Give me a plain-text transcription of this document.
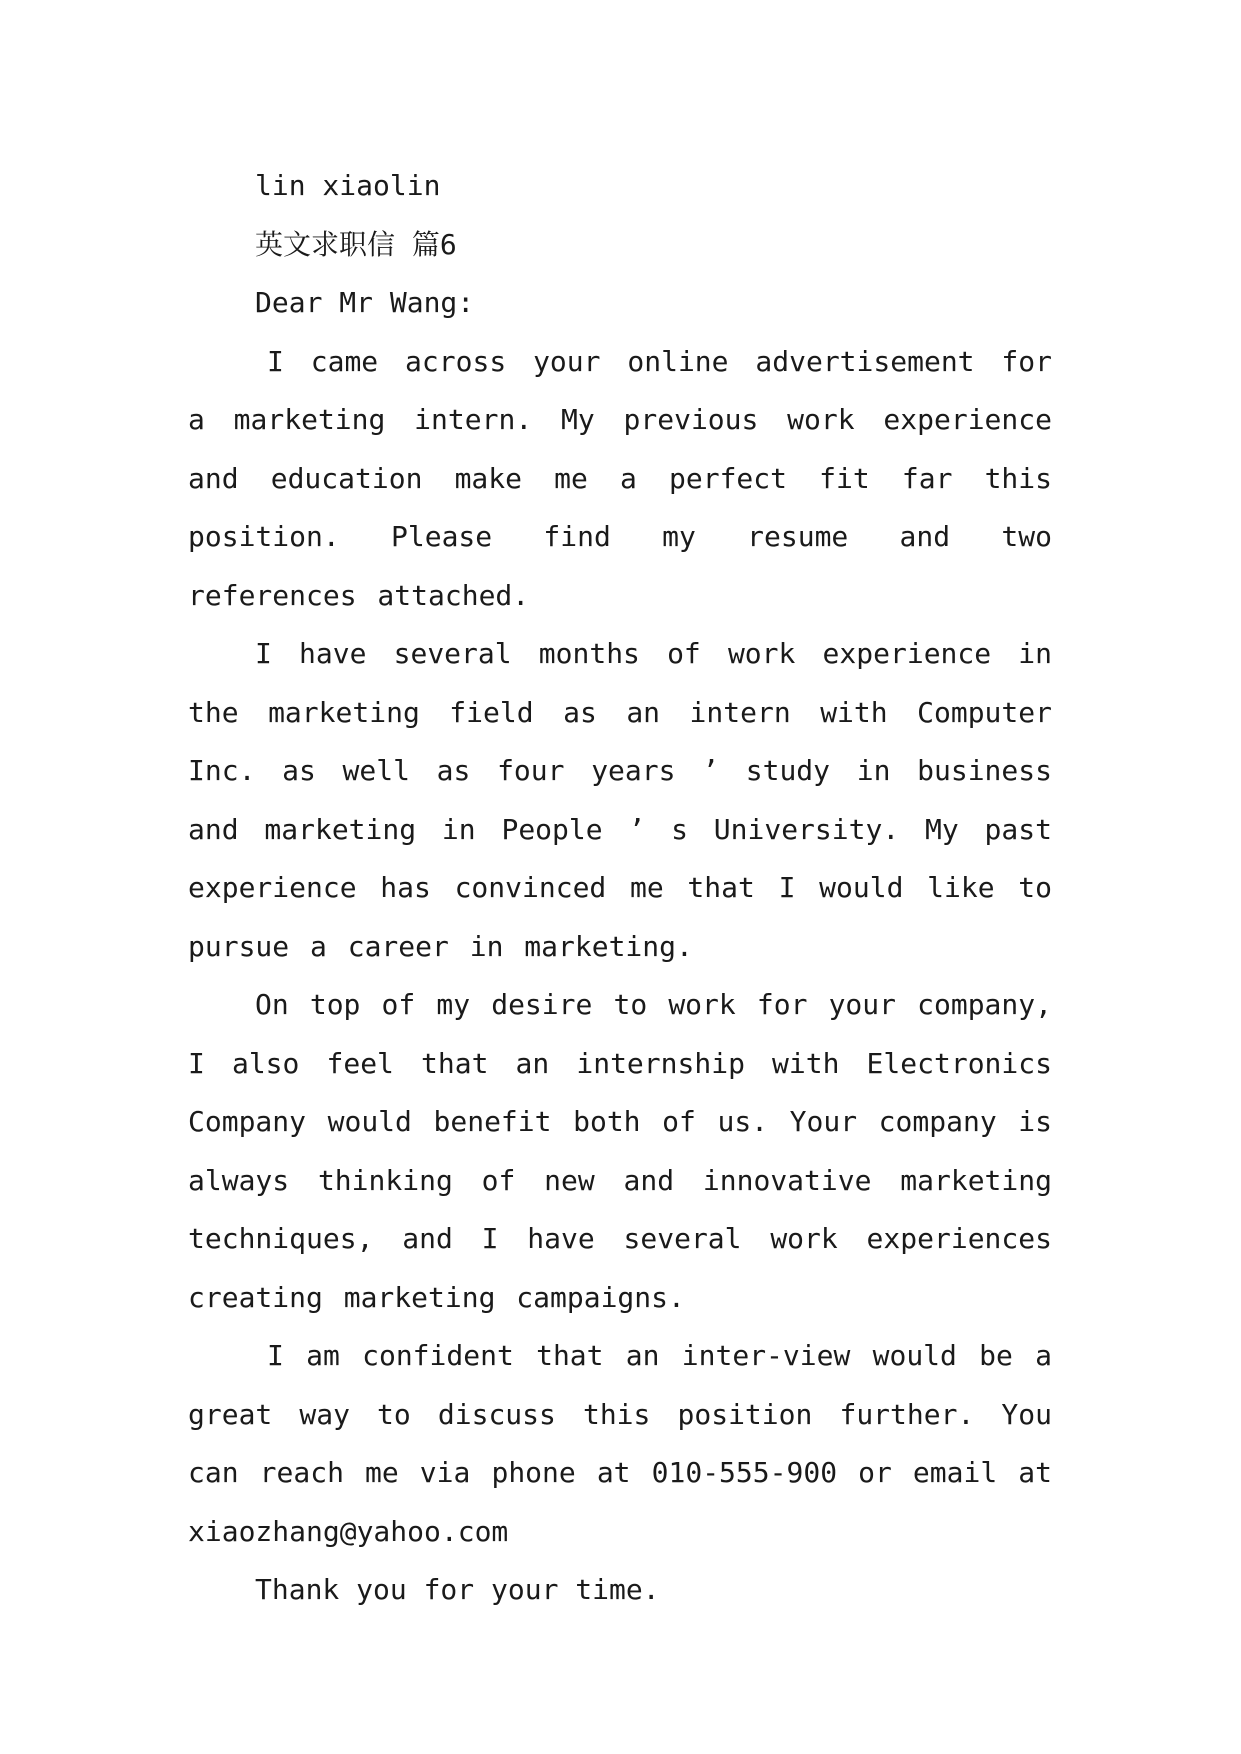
lin xiaolin

英文求职信 篇6

Dear Mr Wang:

I came across your online advertisement for a marketing intern. My previous work experience and education make me a perfect fit far this position. Please find my resume and two references attached.

I have several months of work experience in the marketing field as an intern with Computer Inc. as well as four years ’ study in business and marketing in People ’ s University. My past experience has convinced me that I would like to pursue a career in marketing.

On top of my desire to work for your company, I also feel that an internship with Electronics Company would benefit both of us. Your company is always thinking of new and innovative marketing techniques, and I have several work experiences creating marketing campaigns.

I am confident that an inter-view would be a great way to discuss this position further. You can reach me via phone at 010-555-900 or email at xiaozhang@yahoo.com

Thank you for your time.
